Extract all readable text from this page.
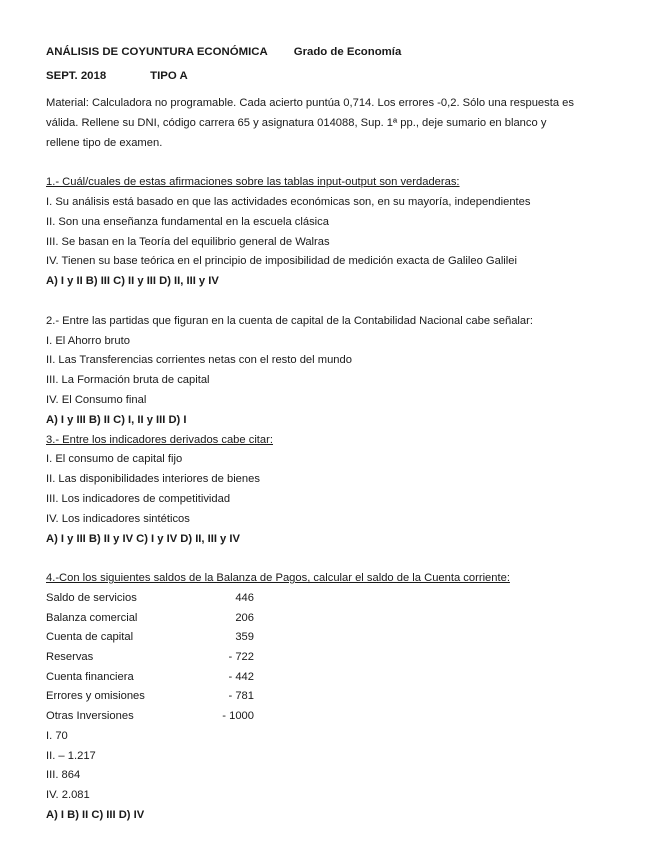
ANÁLISIS DE COYUNTURA ECONÓMICA Grado de Economía
SEPT. 2018	TIPO A
Material: Calculadora no programable. Cada acierto puntúa 0,714. Los errores -0,2. Sólo una respuesta es
válida. Rellene su DNI, código carrera 65 y asignatura 014088, Sup. 1ª pp., deje sumario en blanco y
rellene tipo de examen.
1.- Cuál/cuales de estas afirmaciones sobre las tablas input-output son verdaderas:
I. Su análisis está basado en que las actividades económicas son, en su mayoría, independientes
II. Son una enseñanza fundamental en la escuela clásica
III. Se basan en la Teoría del equilibrio general de Walras
IV. Tienen su base teórica en el principio de imposibilidad de medición exacta de Galileo Galilei
A) I y II B) III C) II y III D) II, III y IV
2.- Entre las partidas que figuran en la cuenta de capital de la Contabilidad Nacional cabe señalar:
I. El Ahorro bruto
II. Las Transferencias corrientes netas con el resto del mundo
III. La Formación bruta de capital
IV. El Consumo final
A) I y III B) II C) I, II y III D) I
3.- Entre los indicadores derivados cabe citar:
I. El consumo de capital fijo
II. Las disponibilidades interiores de bienes
III. Los indicadores de competitividad
IV. Los indicadores sintéticos
A) I y III B) II y IV C) I y IV D) II, III y IV
4.-Con los siguientes saldos de la Balanza de Pagos, calcular el saldo de la Cuenta corriente:
Saldo de servicios	446
Balanza comercial	206
Cuenta de capital	359
Reservas	- 722
Cuenta financiera	- 442
Errores y omisiones	- 781
Otras Inversiones	- 1000
I. 70
II. – 1.217
III. 864
IV. 2.081
A) I B) II C) III D) IV
